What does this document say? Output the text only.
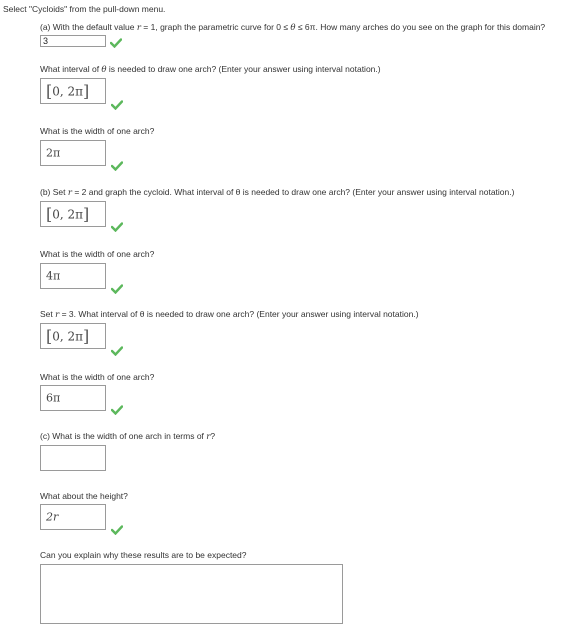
Select "Cycloids" from the pull-down menu.
(a) With the default value r = 1, graph the parametric curve for 0 ≤ θ ≤ 6π. How many arches do you see on the graph for this domain?
3
What interval of θ is needed to draw one arch? (Enter your answer using interval notation.)
[0, 2π]
What is the width of one arch?
2π
(b) Set r = 2 and graph the cycloid. What interval of θ is needed to draw one arch? (Enter your answer using interval notation.)
[0, 2π]
What is the width of one arch?
4π
Set r = 3. What interval of θ is needed to draw one arch? (Enter your answer using interval notation.)
[0, 2π]
What is the width of one arch?
6π
(c) What is the width of one arch in terms of r?
What about the height?
2r
Can you explain why these results are to be expected?
